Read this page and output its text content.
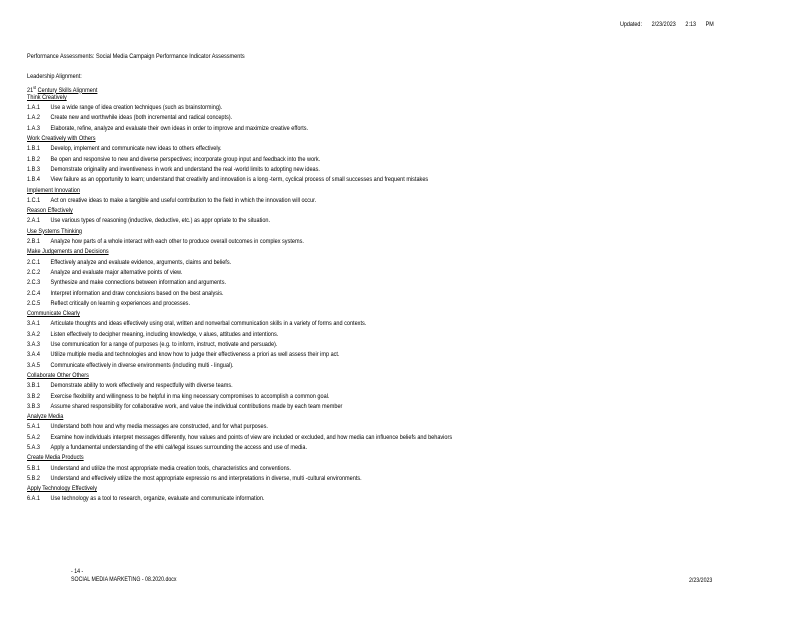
Updated: 2/23/2023 2:13 PM
Performance Assessments: Social Media Campaign Performance Indicator Assessments
Leadership Alignment:
21st Century Skills Alignment
Think Creatively
1.A.1 Use a wide range of idea creation techniques (such as brainstorming).
1.A.2 Create new and worthwhile ideas (both incremental and radical concepts).
1.A.3 Elaborate, refine, analyze and evaluate their own ideas in order to improve and maximize creative efforts.
Work Creatively with Others
1.B.1 Develop, implement and communicate new ideas to others effectively.
1.B.2 Be open and responsive to new and diverse perspectives; incorporate group input and feedback into the work.
1.B.3 Demonstrate originality and inventiveness in work and understand the real -world limits to adopting new ideas.
1.B.4 View failure as an opportunity to learn; understand that creativity and innovation is a long -term, cyclical process of small successes and frequent mistakes
Implement Innovation
1.C.1 Act on creative ideas to make a tangible and useful contribution to the field in which the innovation will occur.
Reason Effectively
2.A.1 Use various types of reasoning (inductive, deductive, etc.) as appr opriate to the situation.
Use Systems Thinking
2.B.1 Analyze how parts of a whole interact with each other to produce overall outcomes in complex systems.
Make Judgements and Decisions
2.C.1 Effectively analyze and evaluate evidence, arguments, claims and beliefs.
2.C.2 Analyze and evaluate major alternative points of view.
2.C.3 Synthesize and make connections between information and arguments.
2.C.4 Interpret information and draw conclusions based on the best analysis.
2.C.5 Reflect critically on learnin g experiences and processes.
Communicate Clearly
3.A.1 Articulate thoughts and ideas effectively using oral, written and nonverbal communication skills in a variety of forms and contexts.
3.A.2 Listen effectively to decipher meaning, including knowledge, v alues, attitudes and intentions.
3.A.3 Use communication for a range of purposes (e.g. to inform, instruct, motivate and persuade).
3.A.4 Utilize multiple media and technologies and know how to judge their effectiveness a priori as well assess their imp act.
3.A.5 Communicate effectively in diverse environments (including multi - lingual).
Collaborate Other Others
3.B.1 Demonstrate ability to work effectively and respectfully with diverse teams.
3.B.2 Exercise flexibility and willingness to be helpful in ma king necessary compromises to accomplish a common goal.
3.B.3 Assume shared responsibility for collaborative work, and value the individual contributions made by each team member
Analyze Media
5.A.1 Understand both how and why media messages are constructed, and for what purposes.
5.A.2 Examine how individuals interpret messages differently, how values and points of view are included or excluded, and how media can influence beliefs and behaviors
5.A.3 Apply a fundamental understanding of the ethi cal/legal issues surrounding the access and use of media.
Create Media Products
5.B.1 Understand and utilize the most appropriate media creation tools, characteristics and conventions.
5.B.2 Understand and effectively utilize the most appropriate expressio ns and interpretations in diverse, multi -cultural environments.
Apply Technology Effectively
6.A.1 Use technology as a tool to research, organize, evaluate and communicate information.
- 14 -
SOCIAL MEDIA MARKETING - 08.2020.docx	2/23/2023
